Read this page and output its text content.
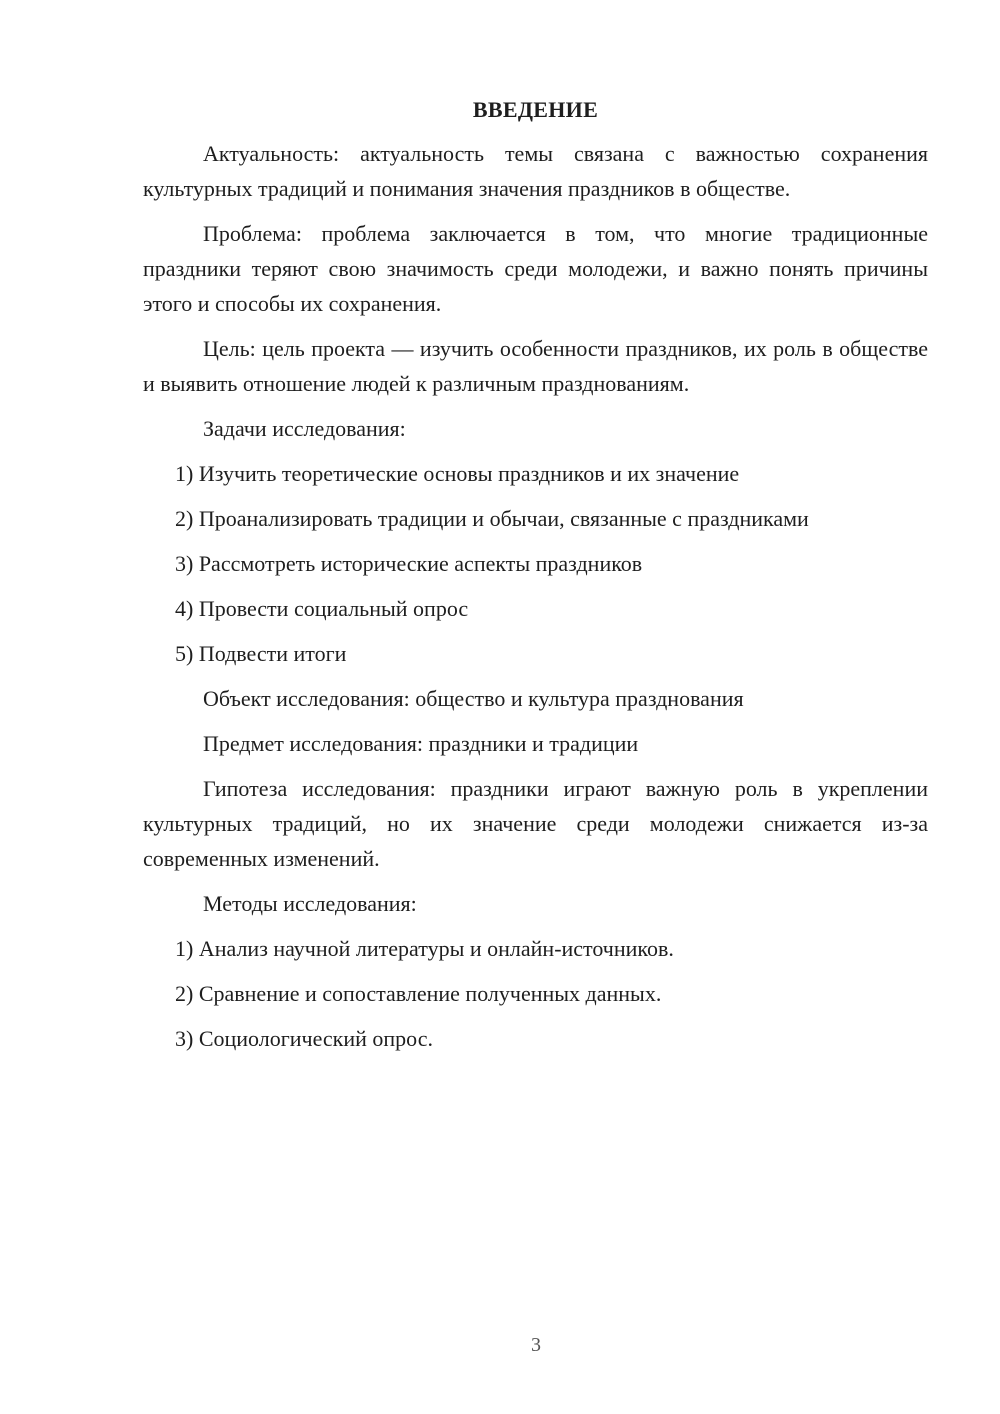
ВВЕДЕНИЕ

Актуальность: актуальность темы связана с важностью сохранения культурных традиций и понимания значения праздников в обществе.

Проблема: проблема заключается в том, что многие традиционные праздники теряют свою значимость среди молодежи, и важно понять причины этого и способы их сохранения.

Цель: цель проекта — изучить особенности праздников, их роль в обществе и выявить отношение людей к различным празднованиям.

Задачи исследования:
1) Изучить теоретические основы праздников и их значение
2) Проанализировать традиции и обычаи, связанные с праздниками
3) Рассмотреть исторические аспекты праздников
4) Провести социальный опрос
5) Подвести итоги
Объект исследования: общество и культура празднования
Предмет исследования: праздники и традиции

Гипотеза исследования: праздники играют важную роль в укреплении культурных традиций, но их значение среди молодежи снижается из-за современных изменений.

Методы исследования:
1) Анализ научной литературы и онлайн-источников.
2) Сравнение и сопоставление полученных данных.
3) Социологический опрос.
3
